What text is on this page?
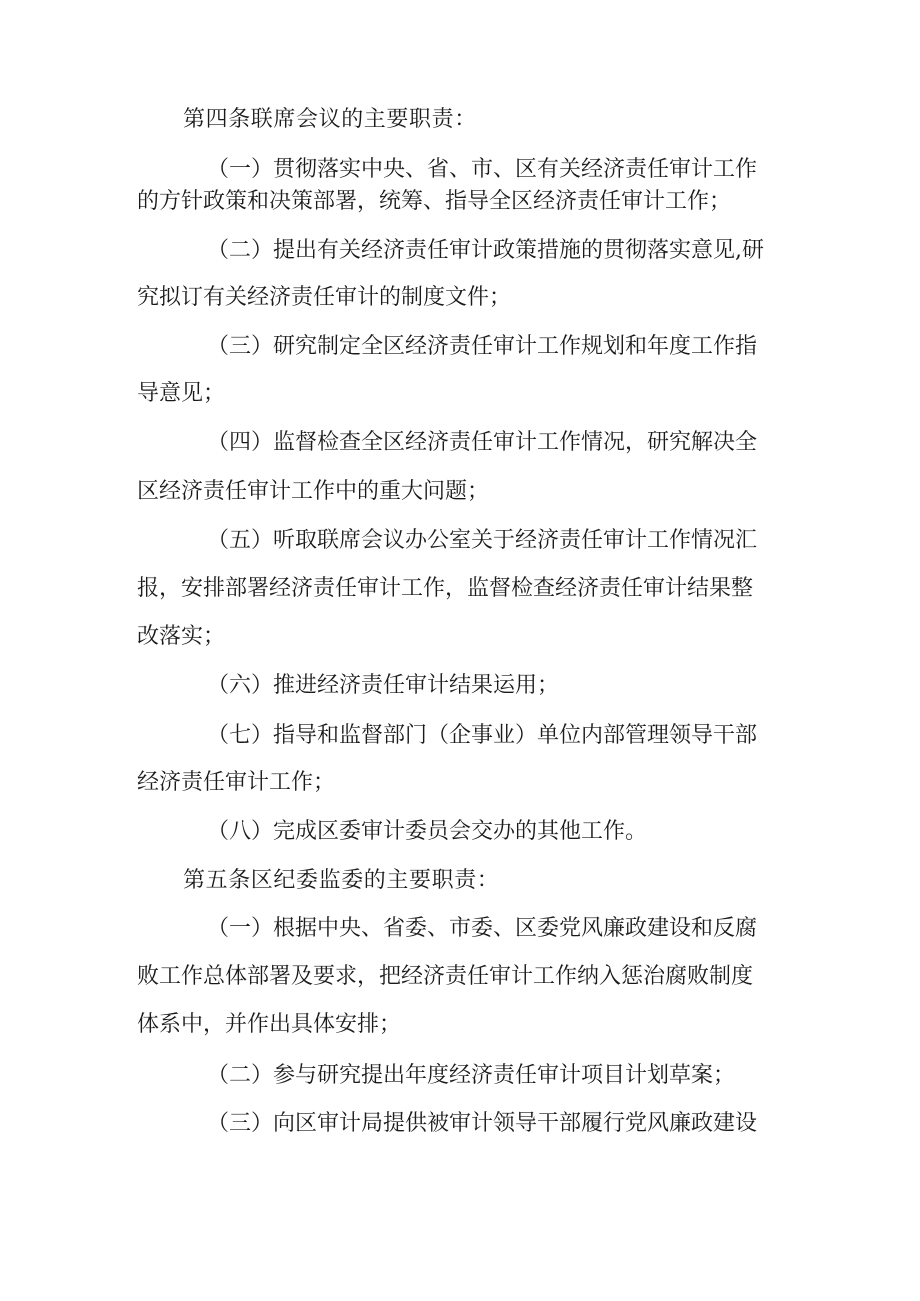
第四条联席会议的主要职责：
（一）贯彻落实中央、省、市、区有关经济责任审计工作
的方针政策和决策部署，统筹、指导全区经济责任审计工作；
（二）提出有关经济责任审计政策措施的贯彻落实意见,研
究拟订有关经济责任审计的制度文件；
（三）研究制定全区经济责任审计工作规划和年度工作指
导意见；
（四）监督检查全区经济责任审计工作情况，研究解决全
区经济责任审计工作中的重大问题；
（五）听取联席会议办公室关于经济责任审计工作情况汇
报，安排部署经济责任审计工作，监督检查经济责任审计结果整
改落实；
（六）推进经济责任审计结果运用；
（七）指导和监督部门（企事业）单位内部管理领导干部
经济责任审计工作；
（八）完成区委审计委员会交办的其他工作。
第五条区纪委监委的主要职责：
（一）根据中央、省委、市委、区委党风廉政建设和反腐
败工作总体部署及要求，把经济责任审计工作纳入惩治腐败制度
体系中，并作出具体安排；
（二）参与研究提出年度经济责任审计项目计划草案；
（三）向区审计局提供被审计领导干部履行党风廉政建设
